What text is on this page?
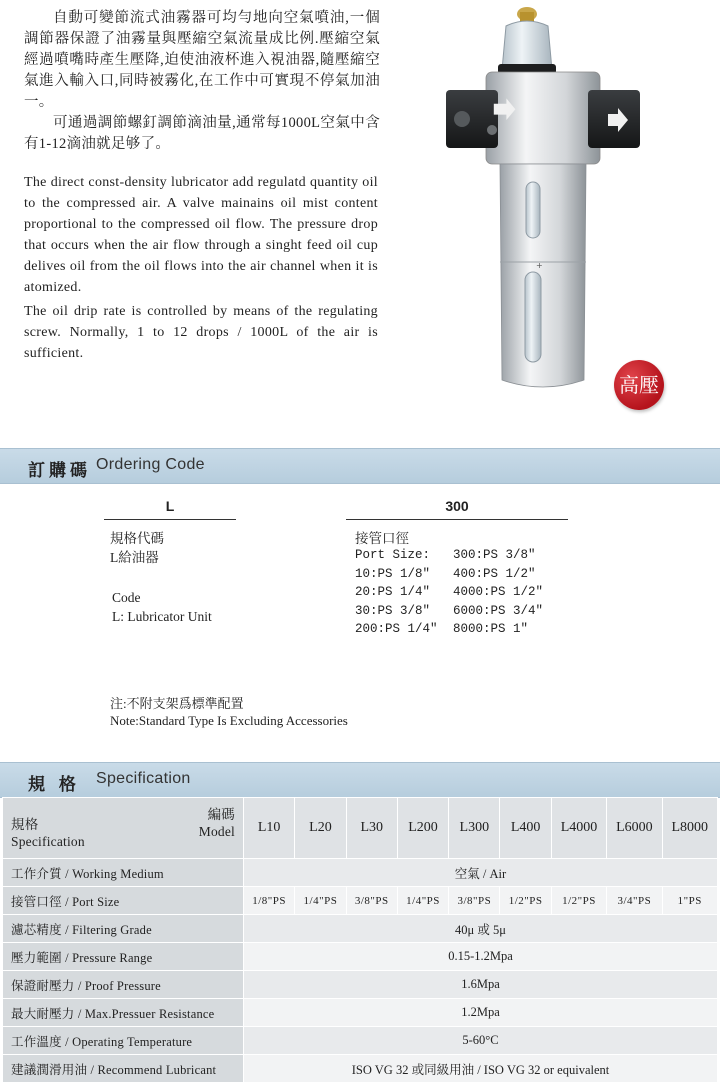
自動可變節流式油霧器可均勻地向空氣噴油,一個調節器保證了油霧量與壓縮空氣流量成比例.壓縮空氣經過噴嘴時產生壓降,迫使油液杯進入視油器,隨壓縮空氣進入輸入口,同時被霧化,在工作中可實現不停氣加油一。

可通過調節螺釘調節滴油量,通常每1000L空氣中含有1-12滴油就足够了。

The direct const-density lubricator add regulatd quantity oil to the compressed air. A valve mainains oil mist content proportional to the compressed oil flow. The pressure drop that occurs when the air flow through a singht feed oil cup delives oil from the oil flows into the air channel when it is atomized.

The oil drip rate is controlled by means of the regulating screw. Normally, 1 to 12 drops / 1000L of the air is sufficient.

+
高壓
訂購碼 Ordering Code
L	300
規格代碼
L給油器
Code
L: Lubricator Unit
接管口徑
Port Size:	300:PS 3/8"
10:PS 1/8"	400:PS 1/2"
20:PS 1/4"	4000:PS 1/2"
30:PS 3/8"	6000:PS 3/4"
200:PS 1/4"	8000:PS 1"
注:不附支架爲標準配置
Note:Standard Type Is Excluding Accessories
規 格 Specification
編碼
Model
規格
Specification	L10	L20	L30	L200	L300	L400	L4000	L6000	L8000
工作介質 / Working Medium	空氣 / Air								
接管口徑 / Port Size	1/8"PS	1/4"PS	3/8"PS	1/4"PS	3/8"PS	1/2"PS	1/2"PS	3/4"PS	1"PS
濾芯精度 / Filtering Grade	40μ 或 5μ								
壓力範圍 / Pressure Range	0.15-1.2Mpa								
保證耐壓力 / Proof Pressure	1.6Mpa								
最大耐壓力 / Max.Pressuer Resistance	1.2Mpa								
工作溫度 / Operating Temperature	5-60°C								
建議潤滑用油 / Recommend Lubricant	ISO VG 32 或同級用油 / ISO VG 32 or equivalent								
